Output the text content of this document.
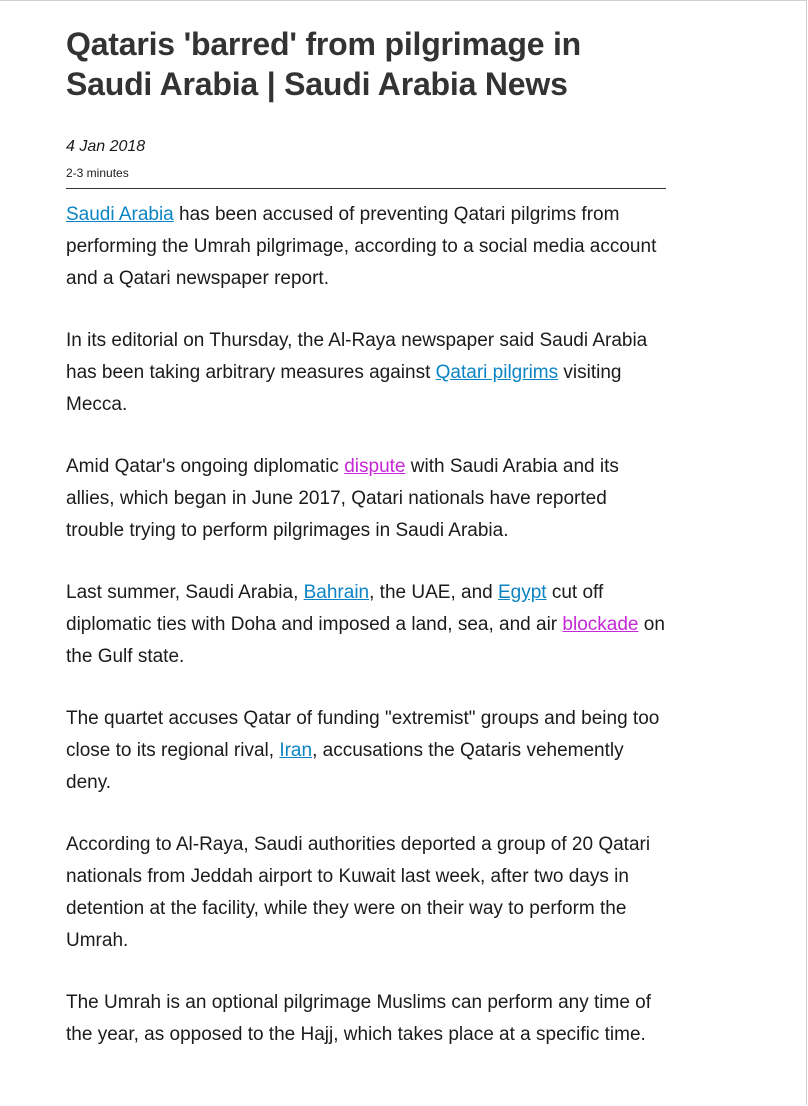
Qataris 'barred' from pilgrimage in Saudi Arabia | Saudi Arabia News
4 Jan 2018
2-3 minutes

Saudi Arabia has been accused of preventing Qatari pilgrims from performing the Umrah pilgrimage, according to a social media account and a Qatari newspaper report.

In its editorial on Thursday, the Al-Raya newspaper said Saudi Arabia has been taking arbitrary measures against Qatari pilgrims visiting Mecca.

Amid Qatar's ongoing diplomatic dispute with Saudi Arabia and its allies, which began in June 2017, Qatari nationals have reported trouble trying to perform pilgrimages in Saudi Arabia.

Last summer, Saudi Arabia, Bahrain, the UAE, and Egypt cut off diplomatic ties with Doha and imposed a land, sea, and air blockade on the Gulf state.

The quartet accuses Qatar of funding "extremist" groups and being too close to its regional rival, Iran, accusations the Qataris vehemently deny.

According to Al-Raya, Saudi authorities deported a group of 20 Qatari nationals from Jeddah airport to Kuwait last week, after two days in detention at the facility, while they were on their way to perform the Umrah.

The Umrah is an optional pilgrimage Muslims can perform any time of the year, as opposed to the Hajj, which takes place at a specific time.
